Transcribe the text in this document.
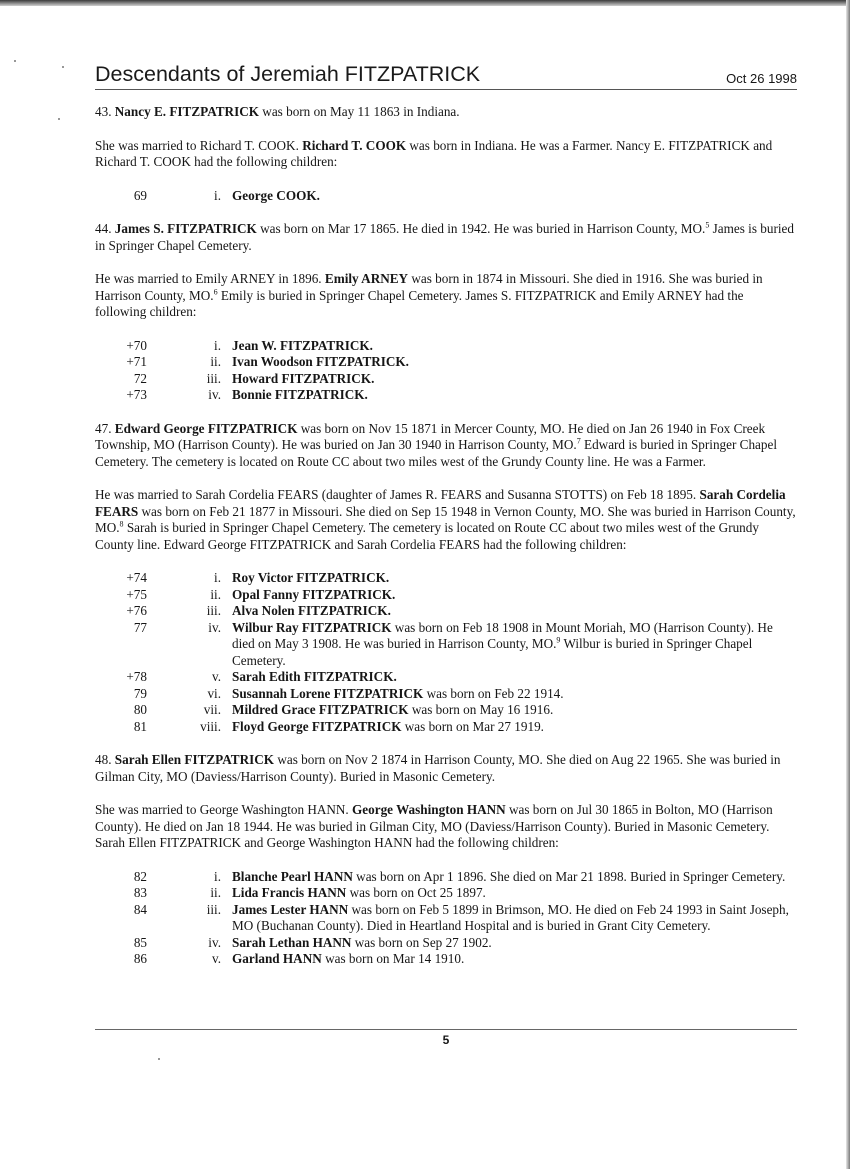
Descendants of Jeremiah FITZPATRICK	Oct 26 1998

43. Nancy E. FITZPATRICK was born on May 11 1863 in Indiana.

She was married to Richard T. COOK. Richard T. COOK was born in Indiana. He was a Farmer. Nancy E. FITZPATRICK and Richard T. COOK had the following children:

69	i. George COOK.

44. James S. FITZPATRICK was born on Mar 17 1865. He died in 1942. He was buried in Harrison County, MO.$^5$ James is buried in Springer Chapel Cemetery.

He was married to Emily ARNEY in 1896. Emily ARNEY was born in 1874 in Missouri. She died in 1916. She was buried in Harrison County, MO.$^6$ Emily is buried in Springer Chapel Cemetery. James S. FITZPATRICK and Emily ARNEY had the following children:

+70	i. Jean W. FITZPATRICK.
+71	ii. Ivan Woodson FITZPATRICK.
72	iii. Howard FITZPATRICK.
+73	iv. Bonnie FITZPATRICK.

47. Edward George FITZPATRICK was born on Nov 15 1871 in Mercer County, MO. He died on Jan 26 1940 in Fox Creek Township, MO (Harrison County). He was buried on Jan 30 1940 in Harrison County, MO.$^7$ Edward is buried in Springer Chapel Cemetery. The cemetery is located on Route CC about two miles west of the Grundy County line. He was a Farmer.

He was married to Sarah Cordelia FEARS (daughter of James R. FEARS and Susanna STOTTS) on Feb 18 1895. Sarah Cordelia FEARS was born on Feb 21 1877 in Missouri. She died on Sep 15 1948 in Vernon County, MO. She was buried in Harrison County, MO.$^8$ Sarah is buried in Springer Chapel Cemetery. The cemetery is located on Route CC about two miles west of the Grundy County line. Edward George FITZPATRICK and Sarah Cordelia FEARS had the following children:

+74	i. Roy Victor FITZPATRICK.
+75	ii. Opal Fanny FITZPATRICK.
+76	iii. Alva Nolen FITZPATRICK.
77	iv. Wilbur Ray FITZPATRICK was born on Feb 18 1908 in Mount Moriah, MO (Harrison County). He died on May 3 1908. He was buried in Harrison County, MO.$^9$ Wilbur is buried in Springer Chapel Cemetery.
+78	v. Sarah Edith FITZPATRICK.
79	vi. Susannah Lorene FITZPATRICK was born on Feb 22 1914.
80	vii. Mildred Grace FITZPATRICK was born on May 16 1916.
81	viii. Floyd George FITZPATRICK was born on Mar 27 1919.

48. Sarah Ellen FITZPATRICK was born on Nov 2 1874 in Harrison County, MO. She died on Aug 22 1965. She was buried in Gilman City, MO (Daviess/Harrison County). Buried in Masonic Cemetery.

She was married to George Washington HANN. George Washington HANN was born on Jul 30 1865 in Bolton, MO (Harrison County). He died on Jan 18 1944. He was buried in Gilman City, MO (Daviess/Harrison County). Buried in Masonic Cemetery. Sarah Ellen FITZPATRICK and George Washington HANN had the following children:

82	i. Blanche Pearl HANN was born on Apr 1 1896. She died on Mar 21 1898. Buried in Springer Cemetery.
83	ii. Lida Francis HANN was born on Oct 25 1897.
84	iii. James Lester HANN was born on Feb 5 1899 in Brimson, MO. He died on Feb 24 1993 in Saint Joseph, MO (Buchanan County). Died in Heartland Hospital and is buried in Grant City Cemetery.
85	iv. Sarah Lethan HANN was born on Sep 27 1902.
86	v. Garland HANN was born on Mar 14 1910.
5
